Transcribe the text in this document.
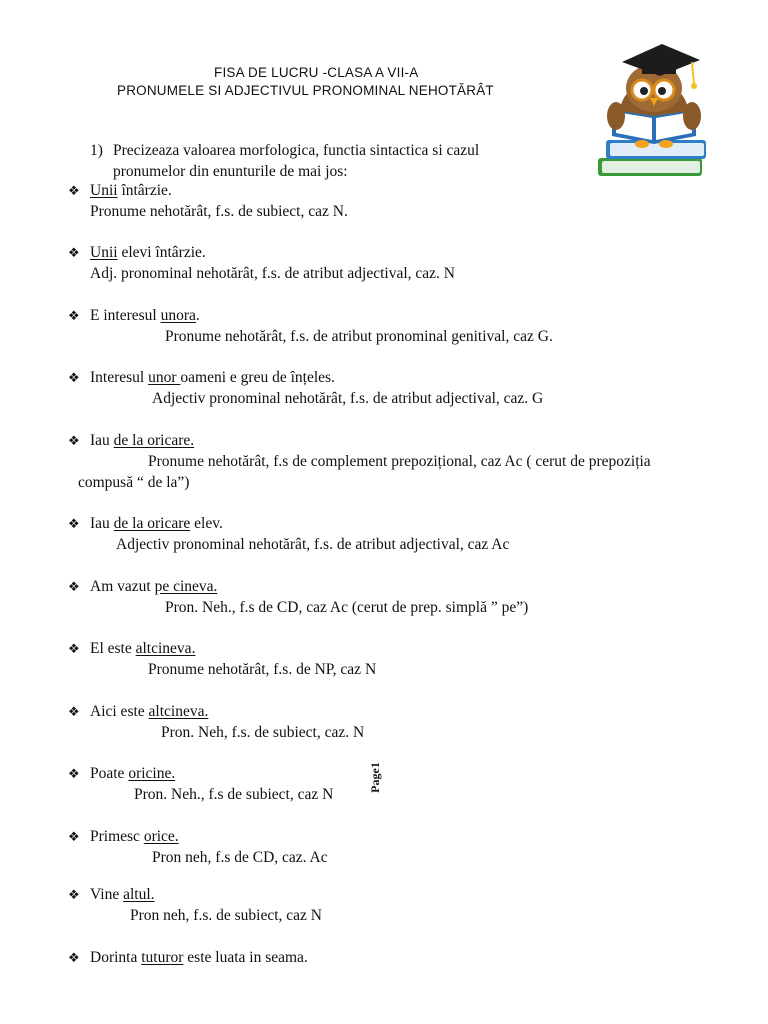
FISA DE LUCRU -CLASA A VII-A
PRONUMELE SI ADJECTIVUL PRONOMINAL NEHOTĂRÂT
1) Precizeaza valoarea morfologica, functia sintactica si cazul
pronumelor din enunturile de mai jos:
❖ Unii întârzie.
Pronume nehotărât, f.s. de subiect, caz N.
❖ Unii elevi întârzie.
Adj. pronominal nehotărât, f.s. de atribut adjectival, caz. N
❖ E interesul unora.
Pronume nehotărât, f.s. de atribut pronominal genitival, caz G.
❖ Interesul unor oameni e greu de înțeles.
Adjectiv pronominal nehotărât, f.s. de atribut adjectival, caz. G
❖ Iau de la oricare.
Pronume nehotărât, f.s de complement prepozițional, caz Ac ( cerut de prepoziția
compusă “ de la”)
❖ Iau de la oricare elev.
Adjectiv pronominal nehotărât, f.s. de atribut adjectival, caz Ac
❖ Am vazut pe cineva.
Pron. Neh., f.s de CD, caz Ac (cerut de prep. simplă ” pe”)
❖ El este altcineva.
Pronume nehotărât, f.s. de NP, caz N
❖ Aici este altcineva.
Pron. Neh, f.s. de subiect, caz. N
❖ Poate oricine.
Pron. Neh., f.s de subiect, caz N
Page1
❖ Primesc orice.
Pron neh, f.s de CD, caz. Ac
❖ Vine altul.
Pron neh, f.s. de subiect, caz N
❖ Dorinta tuturor este luata in seama.
